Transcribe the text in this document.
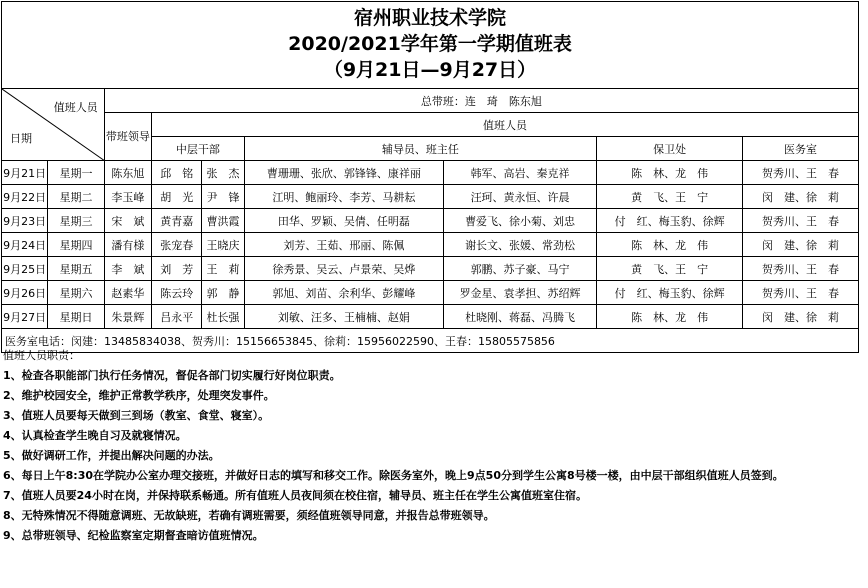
宿州职业技术学院
2020/2021学年第一学期值班表
（9月21日—9月27日）
值班人员
日期		总带班：连　琦　陈东旭						
		带班领导	值班人员					
			中层干部		辅导员、班主任		保卫处	医务室
9月21日	星期一	陈东旭	邱　铭	张　杰	曹珊珊、张欣、郭锋锋、康祥丽	韩军、高岩、秦克祥	陈　林、龙　伟	贺秀川、王　春
9月22日	星期二	李玉峰	胡　光	尹　锋	江明、鲍丽玲、李芳、马耕耘	汪珂、黄永恒、许晨	黄　飞、王　宁	闵　建、徐　莉
9月23日	星期三	宋　斌	黄青嘉	曹洪霞	田华、罗颖、吴倩、任明磊	曹爱飞、徐小菊、刘忠	付　红、梅玉豹、徐辉	贺秀川、王　春
9月24日	星期四	潘有様	张宠春	王晓庆	刘芳、王茹、邢丽、陈佩	谢长文、张媛、常劲松	陈　林、龙　伟	闵　建、徐　莉
9月25日	星期五	李　斌	刘　芳	王　莉	徐秀景、吴云、卢景荣、吴烨	郭鹏、苏子豪、马宁	黄　飞、王　宁	贺秀川、王　春
9月26日	星期六	赵素华	陈云玲	郭　静	郭旭、刘苗、余利华、彭耀峰	罗金星、袁孝担、苏绍辉	付　红、梅玉豹、徐辉	贺秀川、王　春
9月27日	星期日	朱景辉	吕永平	杜长强	刘敏、汪多、王楠楠、赵娟	杜晓刚、蒋磊、冯腾飞	陈　林、龙　伟	闵　建、徐　莉
医务室电话：闵建：13485834038、贺秀川：15156653845、徐莉：15956022590、王春：15805575856								
值班人员职责：
1、检查各职能部门执行任务情况，督促各部门切实履行好岗位职责。
2、维护校园安全，维护正常教学秩序，处理突发事件。
3、值班人员要每天做到三到场（教室、食堂、寝室）。
4、认真检查学生晚自习及就寝情况。
5、做好调研工作，并提出解决问题的办法。
6、每日上午8:30在学院办公室办理交接班，并做好日志的填写和移交工作。除医务室外，晚上9点50分到学生公寓8号楼一楼，由中层干部组织值班人员签到。
7、值班人员要24小时在岗，并保持联系畅通。所有值班人员夜间须在校住宿，辅导员、班主任在学生公寓值班室住宿。
8、无特殊情况不得随意调班、无故缺班，若确有调班需要，须经值班领导同意，并报告总带班领导。
9、总带班领导、纪检监察室定期督查暗访值班情况。
